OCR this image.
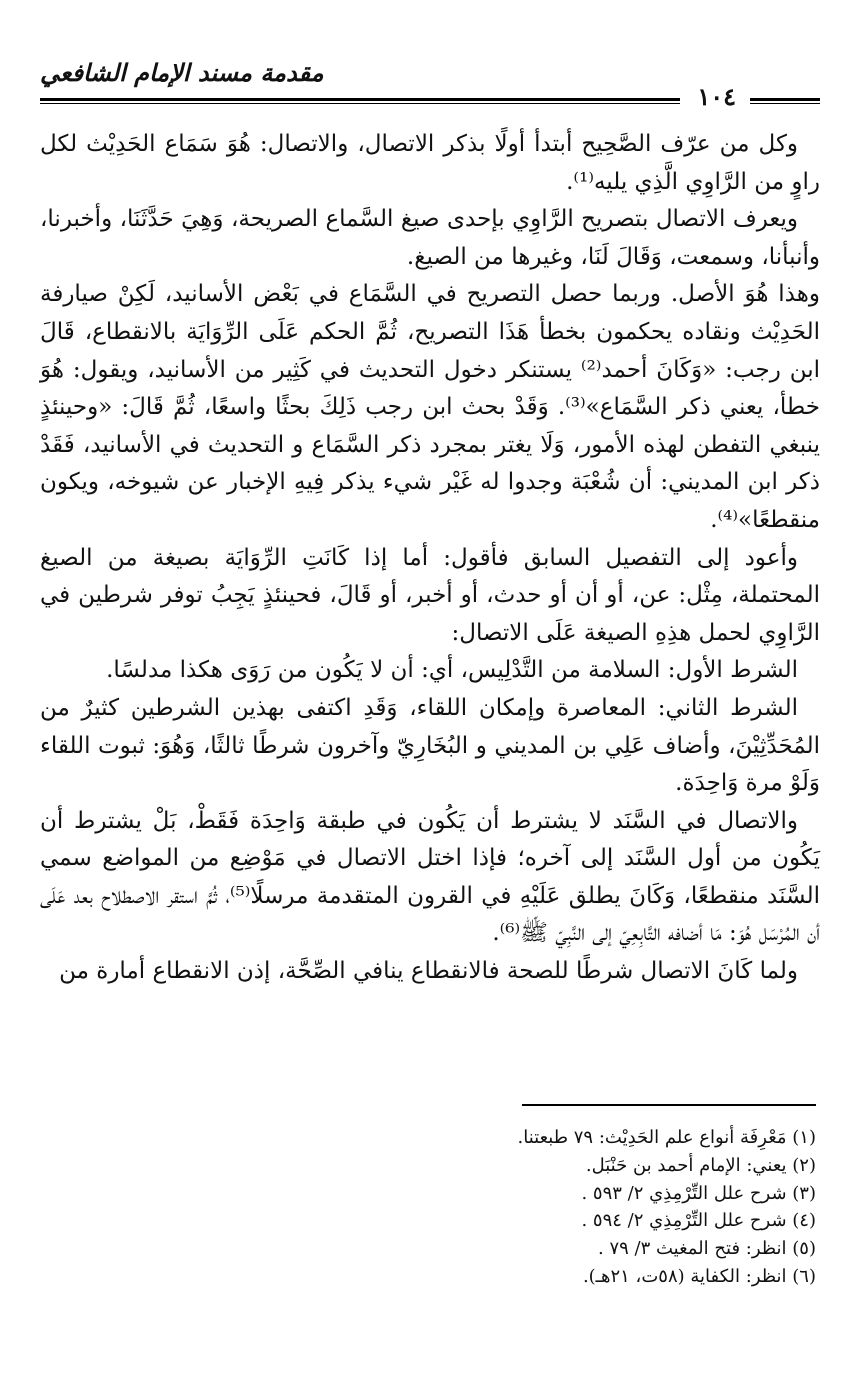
مقدمة مسند الإمام الشافعي
١٠٤

وكل من عرّف الصَّحِيح أبتدأ أولًا بذكر الاتصال، والاتصال: هُوَ سَمَاع الحَدِيْث لكل راوٍ من الرَّاوِي الَّذِي يليه⁽¹⁾.

ويعرف الاتصال بتصريح الرَّاوِي بإحدى صيغ السَّماع الصريحة، وَهِيَ حَدَّثَنَا، وأخبرنا، وأنبأنا، وسمعت، وَقَالَ لَنَا، وغيرها من الصيغ.

وهذا هُوَ الأصل. وربما حصل التصريح في السَّمَاع في بَعْض الأسانيد، لَكِنْ صيارفة الحَدِيْث ونقاده يحكمون بخطأ هَذَا التصريح، ثُمَّ الحكم عَلَى الرِّوَايَة بالانقطاع، قَالَ ابن رجب: «وَكَانَ أحمد⁽²⁾ يستنكر دخول التحديث في كَثِير من الأسانيد، ويقول: هُوَ خطأ، يعني ذكر السَّمَاع»⁽³⁾. وَقَدْ بحث ابن رجب ذَلِكَ بحثًا واسعًا، ثُمَّ قَالَ: «وحينئذٍ ينبغي التفطن لهذه الأمور، وَلَا يغتر بمجرد ذكر السَّمَاع و التحديث في الأسانيد، فَقَدْ ذكر ابن المديني: أن شُعْبَة وجدوا له غَيْر شيء يذكر فِيهِ الإخبار عن شيوخه، ويكون منقطعًا»⁽⁴⁾.

وأعود إلى التفصيل السابق فأقول: أما إذا كَانَتِ الرِّوَايَة بصيغة من الصيغ المحتملة، مِثْل: عن، أو أن أو حدث، أو أخبر، أو قَالَ، فحينئذٍ يَجِبُ توفر شرطين في الرَّاوِي لحمل هذِهِ الصيغة عَلَى الاتصال:

الشرط الأول: السلامة من التَّدْلِيس، أي: أن لا يَكُون من رَوَى هكذا مدلسًا.

الشرط الثاني: المعاصرة وإمكان اللقاء، وَقَدِ اكتفى بهذين الشرطين كثيرٌ من المُحَدِّثِيْنَ، وأضاف عَلِي بن المديني و البُخَارِيّ وآخرون شرطًا ثالثًا، وَهُوَ: ثبوت اللقاء وَلَوْ مرة وَاحِدَة.

والاتصال في السَّنَد لا يشترط أن يَكُون في طبقة وَاحِدَة فَقَطْ، بَلْ يشترط أن يَكُون من أول السَّنَد إلى آخره؛ فإذا اختل الاتصال في مَوْضِع من المواضع سمي السَّنَد منقطعًا، وَكَانَ يطلق عَلَيْهِ في القرون المتقدمة مرسلًا⁽⁵⁾، ثُمَّ استقر الاصطلاح بعد عَلَى أن المُرْسَل هُوَ: مَا أضافه التَّابِعِيّ إلى النَّبِيّ ﷺ⁽⁶⁾.

ولما كَانَ الاتصال شرطًا للصحة فالانقطاع ينافي الصِّحَّة، إذن الانقطاع أمارة من

(١) مَعْرِفَة أنواع علم الحَدِيْث: ٧٩ طبعتنا.

(٢) يعني: الإمام أحمد بن حَنْبَل.

(٣) شرح علل التِّرْمِذِي ٢/ ٥٩٣ .

(٤) شرح علل التِّرْمِذِي ٢/ ٥٩٤ .

(٥) انظر: فتح المغيث ٣/ ٧٩ .

(٦) انظر: الكفاية (٥٨ت، ٢١هـ).
